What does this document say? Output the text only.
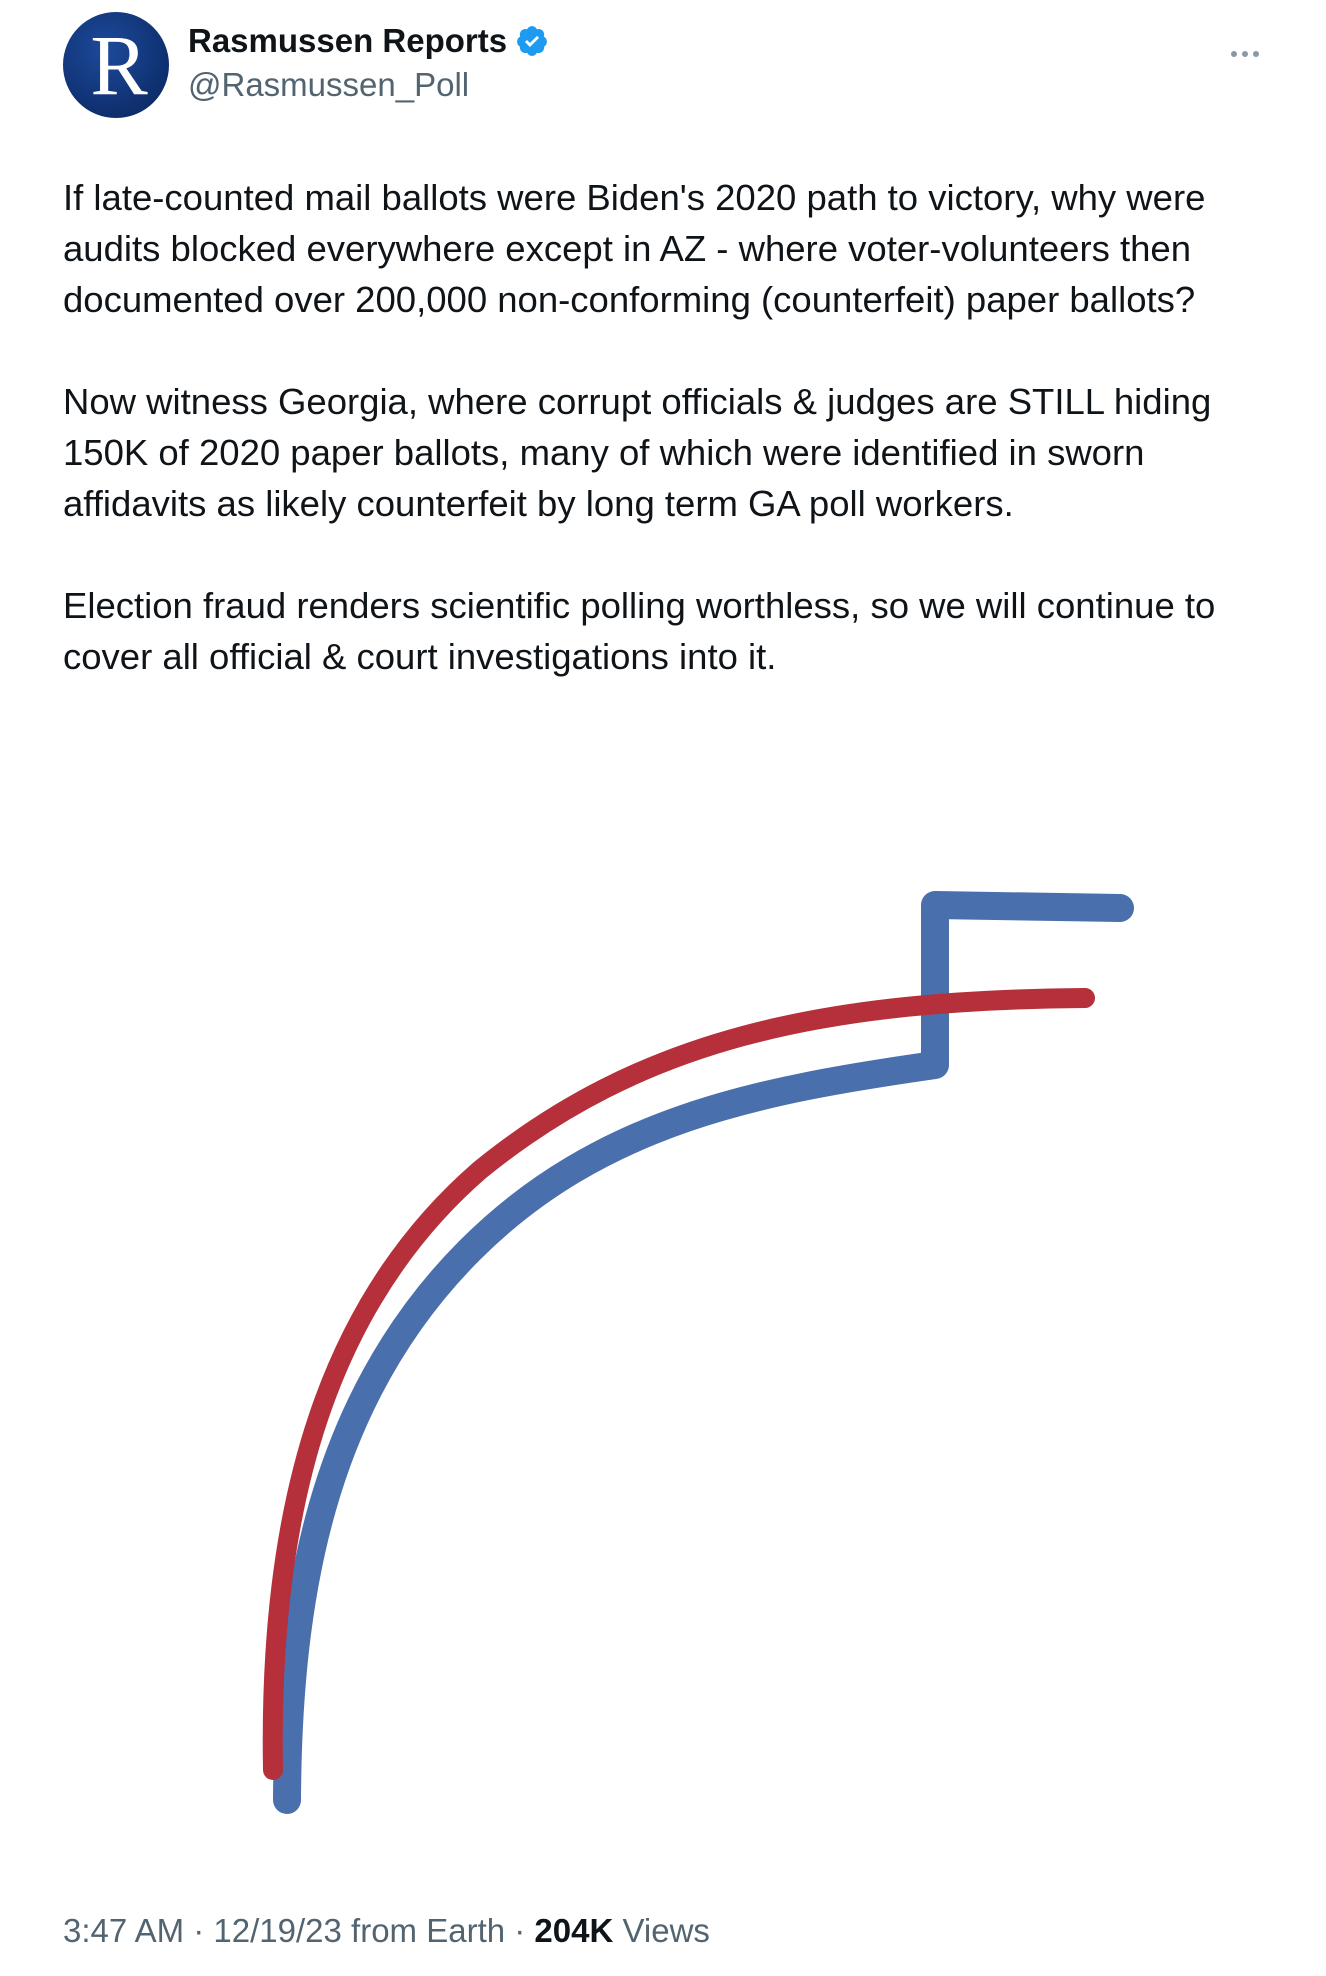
R Rasmussen Reports
@Rasmussen_Poll

If late-counted mail ballots were Biden's 2020 path to victory, why were audits blocked everywhere except in AZ - where voter-volunteers then documented over 200,000 non-conforming (counterfeit) paper ballots?

Now witness Georgia, where corrupt officials & judges are STILL hiding 150K of 2020 paper ballots, many of which were identified in sworn affidavits as likely counterfeit by long term GA poll workers.

Election fraud renders scientific polling worthless, so we will continue to cover all official & court investigations into it.

3:47 AM · 12/19/23 from Earth · 204K Views
